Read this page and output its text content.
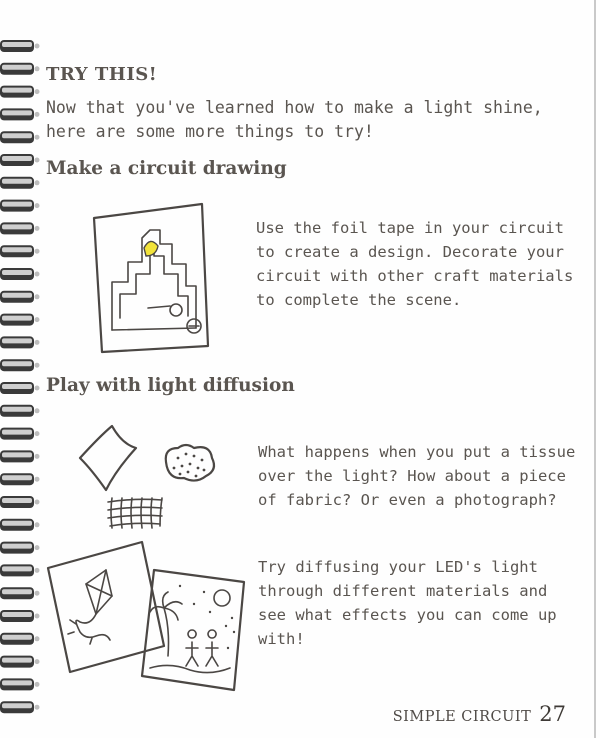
TRY THIS!

Now that you've learned how to make a light shine, here are some more things to try!

Make a circuit drawing

Use the foil tape in your circuit to create a design. Decorate your circuit with other craft materials to complete the scene.

Play with light diffusion

What happens when you put a tissue over the light? How about a piece of fabric? Or even a photograph?

Try diffusing your LED's light through different materials and see what effects you can come up with!

SIMPLE CIRCUIT 27
